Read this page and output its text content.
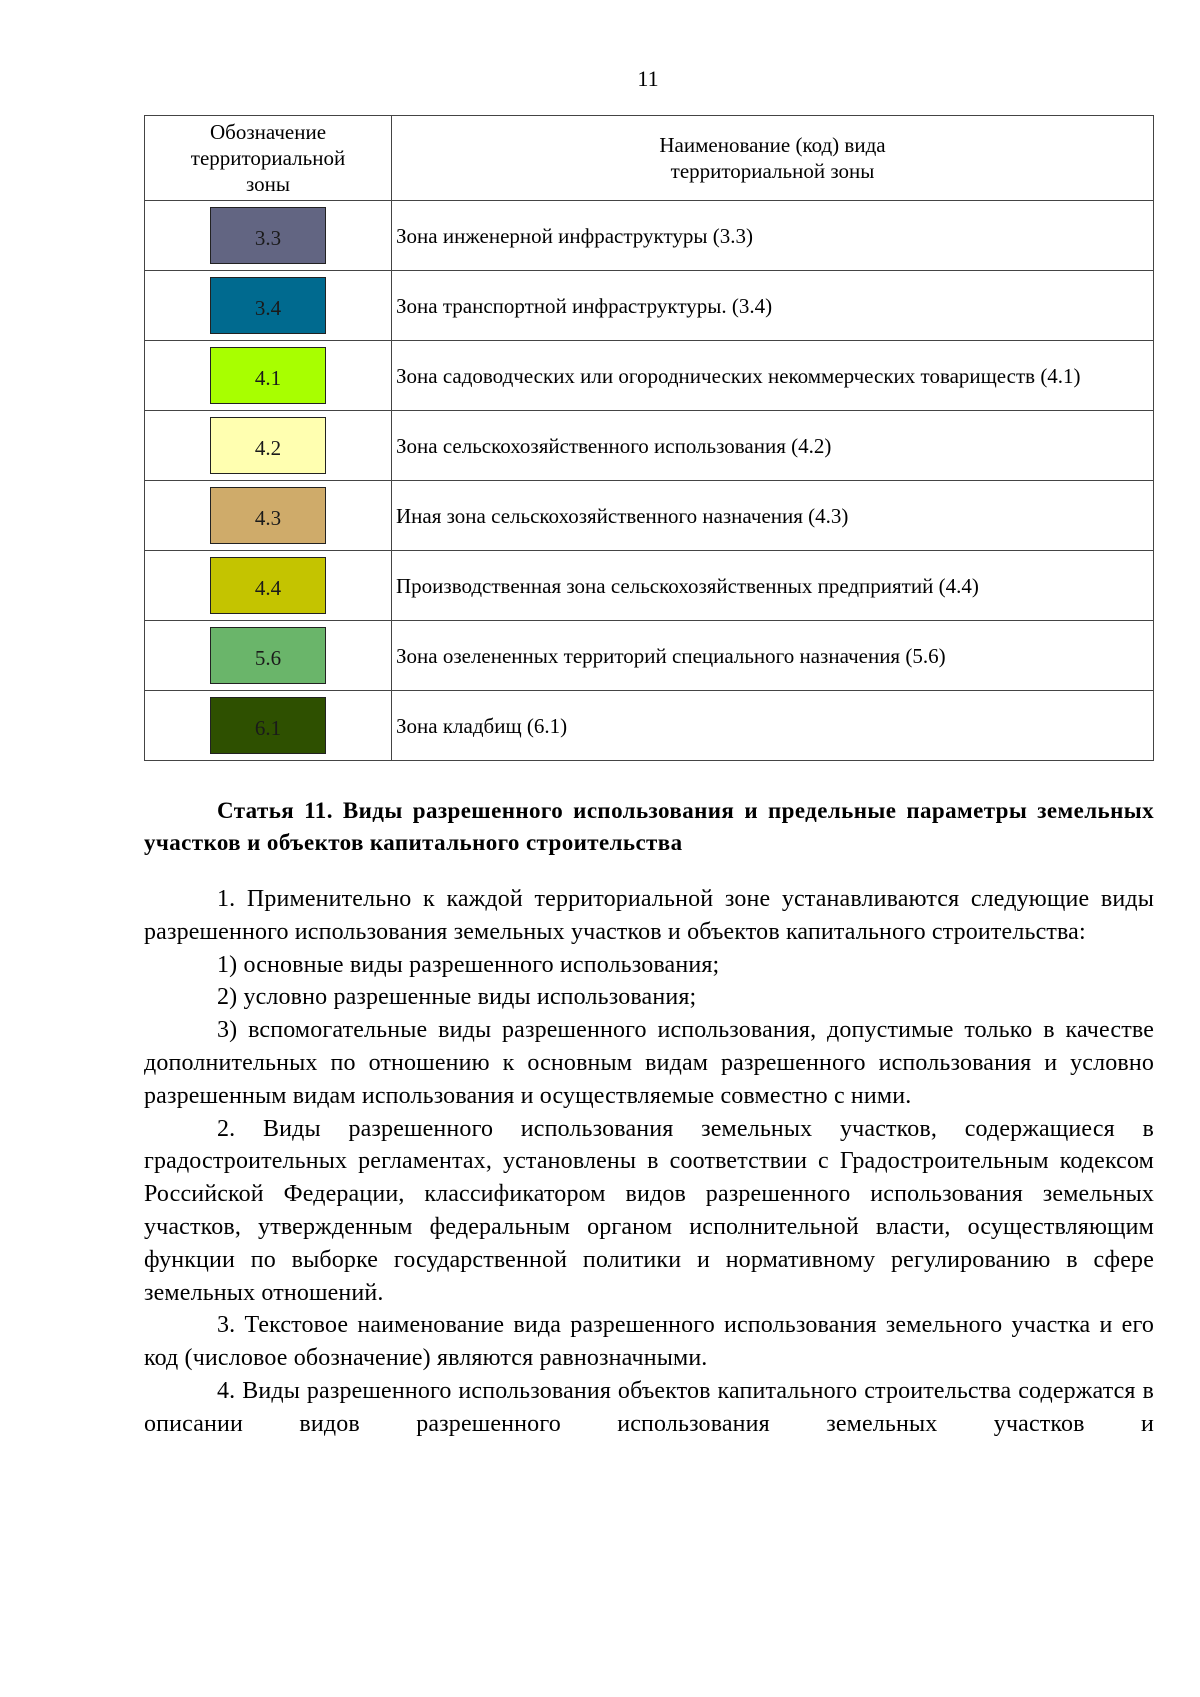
11
Обозначение территориальной зоны	Наименование (код) вида территориальной зоны
3.3	Зона инженерной инфраструктуры (3.3)
3.4	Зона транспортной инфраструктуры. (3.4)
4.1	Зона садоводческих или огороднических некоммерческих товариществ (4.1)
4.2	Зона сельскохозяйственного использования (4.2)
4.3	Иная зона сельскохозяйственного назначения (4.3)
4.4	Производственная зона сельскохозяйственных предприятий (4.4)
5.6	Зона озелененных территорий специального назначения (5.6)
6.1	Зона кладбищ (6.1)

Статья 11. Виды разрешенного использования и предельные параметры земельных участков и объектов капитального строительства

1. Применительно к каждой территориальной зоне устанавливаются следующие виды разрешенного использования земельных участков и объектов капитального строительства:

1) основные виды разрешенного использования;

2) условно разрешенные виды использования;

3) вспомогательные виды разрешенного использования, допустимые только в качестве дополнительных по отношению к основным видам разрешенного использования и условно разрешенным видам использования и осуществляемые совместно с ними.

2. Виды разрешенного использования земельных участков, содержащиеся в градостроительных регламентах, установлены в соответствии с Градостроительным кодексом Российской Федерации, классификатором видов разрешенного использования земельных участков, утвержденным федеральным органом исполнительной власти, осуществляющим функции по выборке государственной политики и нормативному регулированию в сфере земельных отношений.

3. Текстовое наименование вида разрешенного использования земельного участка и его код (числовое обозначение) являются равнозначными.

4. Виды разрешенного использования объектов капитального строительства содержатся в описании видов разрешенного использования земельных участков и
